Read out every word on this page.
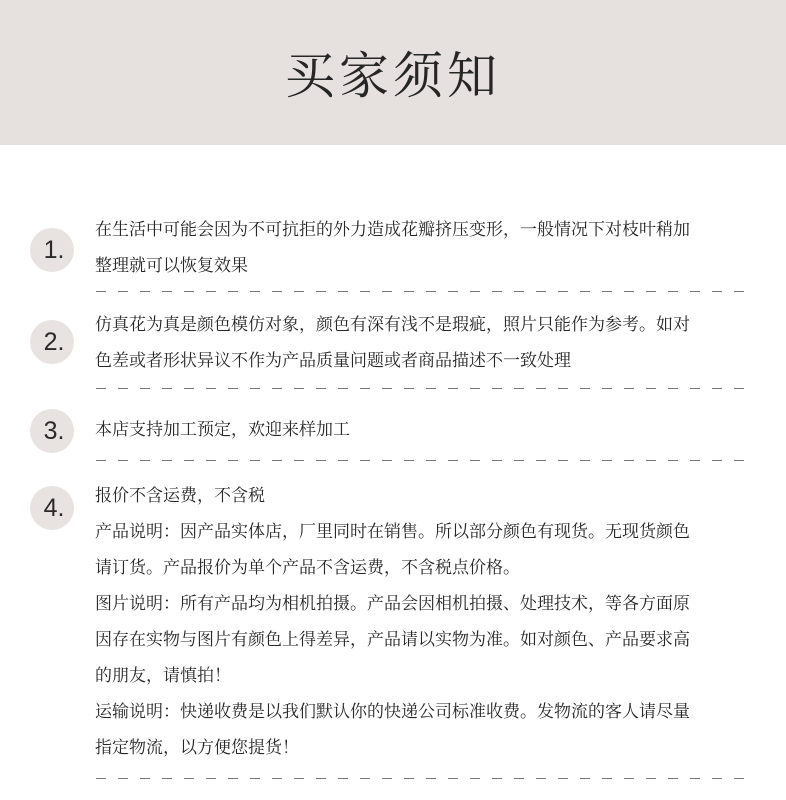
买家须知
1.

在生活中可能会因为不可抗拒的外力造成花瓣挤压变形，一般情况下对枝叶稍加

整理就可以恢复效果

2.

仿真花为真是颜色模仿对象，颜色有深有浅不是瑕疵，照片只能作为参考。如对

色差或者形状异议不作为产品质量问题或者商品描述不一致处理

3.	本店支持加工预定，欢迎来样加工

4.	报价不含运费，不含税

产品说明：因产品实体店，厂里同时在销售。所以部分颜色有现货。无现货颜色

请订货。产品报价为单个产品不含运费，不含税点价格。

图片说明：所有产品均为相机拍摄。产品会因相机拍摄、处理技术，等各方面原

因存在实物与图片有颜色上得差异，产品请以实物为准。如对颜色、产品要求高

的朋友，请慎拍！

运输说明：快递收费是以我们默认你的快递公司标准收费。发物流的客人请尽量

指定物流，以方便您提货！
